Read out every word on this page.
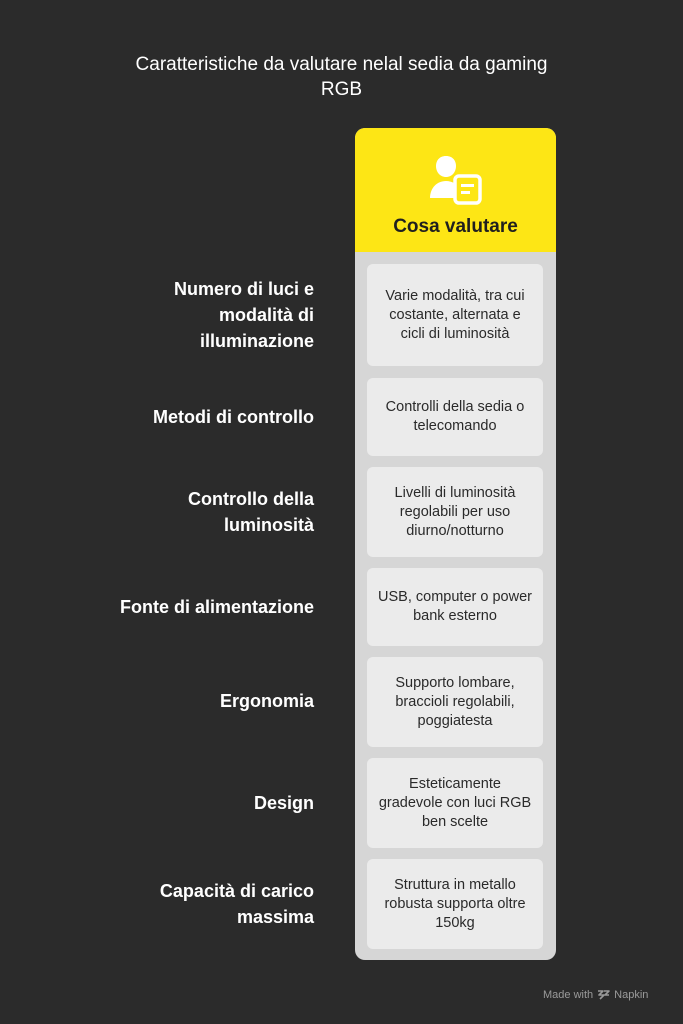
Caratteristiche da valutare nelal sedia da gaming RGB
Cosa valutare
Numero di luci e modalità di illuminazione
Varie modalità, tra cui costante, alternata e cicli di luminosità
Metodi di controllo	Controlli della sedia o telecomando
Controllo della luminosità
Livelli di luminosità regolabili per uso diurno/notturno
Fonte di alimentazione	USB, computer o power bank esterno
Ergonomia
Supporto lombare, braccioli regolabili, poggiatesta
Design
Esteticamente gradevole con luci RGB ben scelte
Capacità di carico massima
Struttura in metallo robusta supporta oltre 150kg
Made with Napkin
